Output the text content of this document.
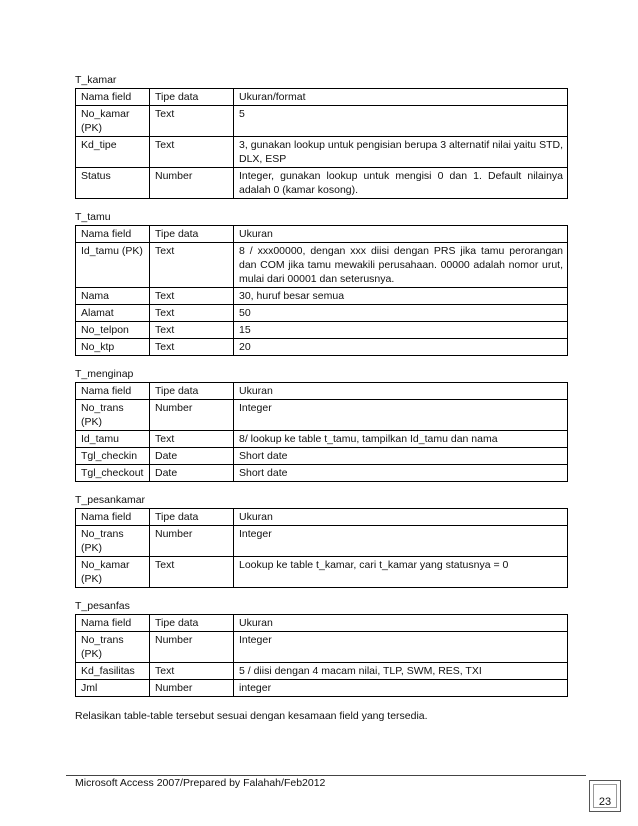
T_kamar
Nama field	Tipe data	Ukuran/format
No_kamar (PK)	Text	5
Kd_tipe	Text	3, gunakan lookup untuk pengisian berupa 3 alternatif nilai yaitu STD, DLX, ESP
Status	Number	Integer, gunakan lookup untuk mengisi 0 dan 1. Default nilainya adalah 0 (kamar kosong).
T_tamu
Nama field	Tipe data	Ukuran
Id_tamu (PK)	Text	8 / xxx00000, dengan xxx diisi dengan PRS jika tamu perorangan dan COM jika tamu mewakili perusahaan. 00000 adalah nomor urut, mulai dari 00001 dan seterusnya.
Nama	Text	30, huruf besar semua
Alamat	Text	50
No_telpon	Text	15
No_ktp	Text	20
T_menginap
Nama field	Tipe data	Ukuran
No_trans (PK)	Number	Integer
Id_tamu	Text	8/ lookup ke table t_tamu, tampilkan Id_tamu dan nama
Tgl_checkin	Date	Short date
Tgl_checkout	Date	Short date
T_pesankamar
Nama field	Tipe data	Ukuran
No_trans (PK)	Number	Integer
No_kamar (PK)	Text	Lookup ke table t_kamar, cari t_kamar yang statusnya = 0
T_pesanfas
Nama field	Tipe data	Ukuran
No_trans (PK)	Number	Integer
Kd_fasilitas	Text	5 / diisi dengan 4 macam nilai, TLP, SWM, RES, TXI
Jml	Number	integer
Relasikan table-table tersebut sesuai dengan kesamaan field yang tersedia.
Microsoft Access 2007/Prepared by Falahah/Feb2012
23
